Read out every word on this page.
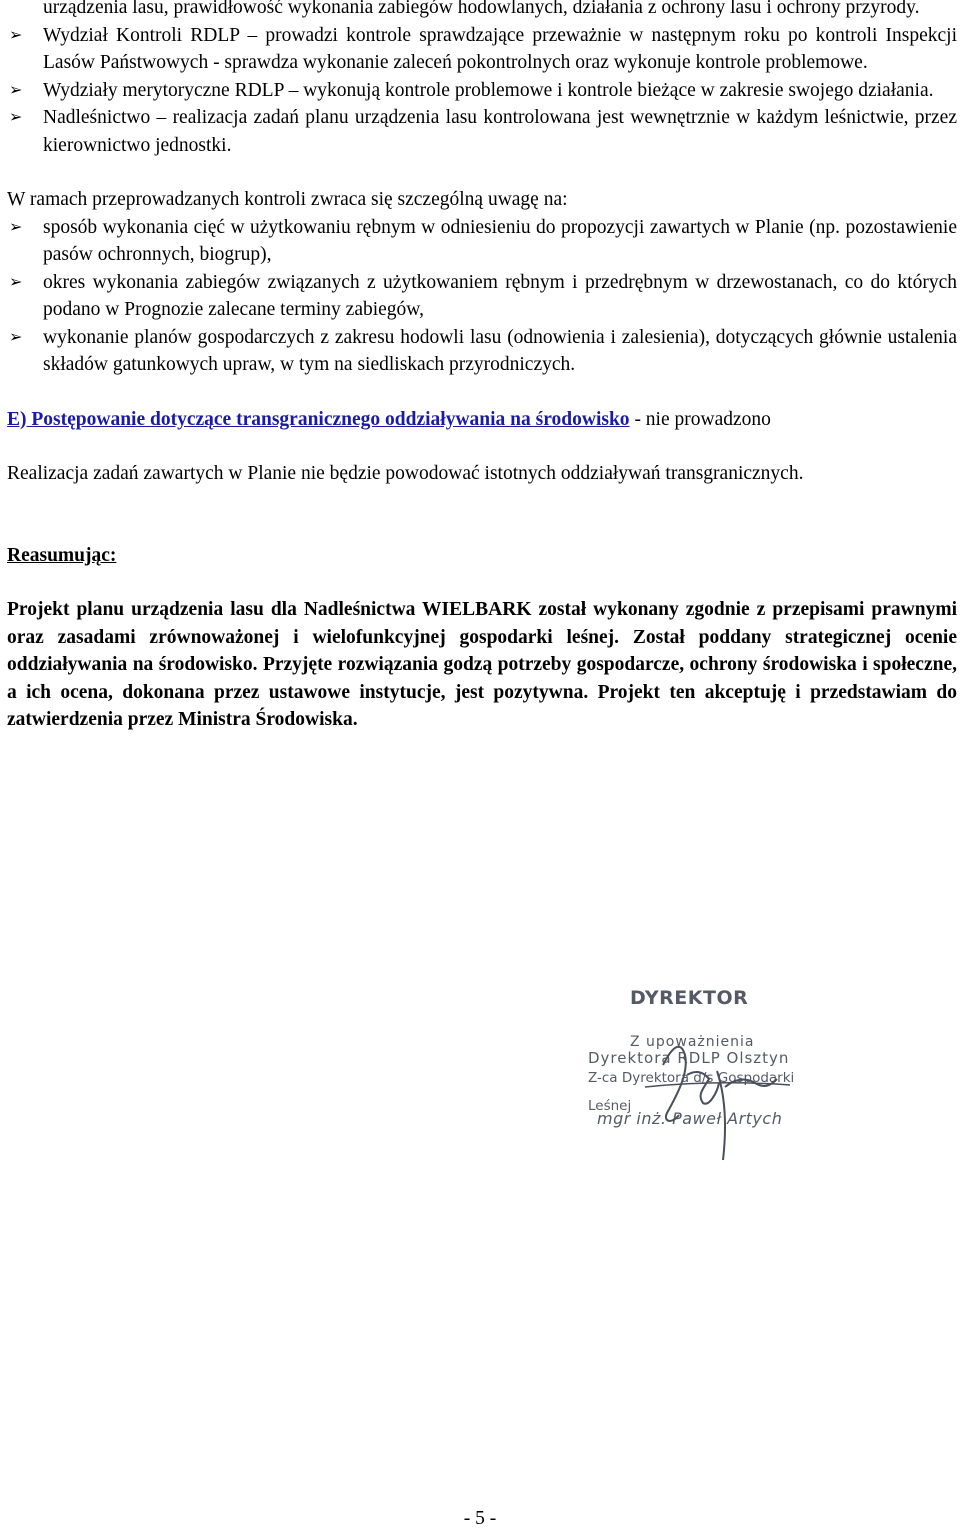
urządzenia lasu, prawidłowość wykonania zabiegów hodowlanych, działania z ochrony lasu i ochrony przyrody.

➢ Wydział Kontroli RDLP – prowadzi kontrole sprawdzające przeważnie w następnym roku po kontroli Inspekcji Lasów Państwowych - sprawdza wykonanie zaleceń pokontrolnych oraz wykonuje kontrole problemowe.
➢ Wydziały merytoryczne RDLP – wykonują kontrole problemowe i kontrole bieżące w zakresie swojego działania.
➢ Nadleśnictwo – realizacja zadań planu urządzenia lasu kontrolowana jest wewnętrznie w każdym leśnictwie, przez kierownictwo jednostki.

W ramach przeprowadzanych kontroli zwraca się szczególną uwagę na:

➢ sposób wykonania cięć w użytkowaniu rębnym w odniesieniu do propozycji zawartych w Planie (np. pozostawienie pasów ochronnych, biogrup),
➢ okres wykonania zabiegów związanych z użytkowaniem rębnym i przedrębnym w drzewostanach, co do których podano w Prognozie zalecane terminy zabiegów,
➢ wykonanie planów gospodarczych z zakresu hodowli lasu (odnowienia i zalesienia), dotyczących głównie ustalenia składów gatunkowych upraw, w tym na siedliskach przyrodniczych.

E) Postępowanie dotyczące transgranicznego oddziaływania na środowisko - nie prowadzono

Realizacja zadań zawartych w Planie nie będzie powodować istotnych oddziaływań transgranicznych.

Reasumując:

Projekt planu urządzenia lasu dla Nadleśnictwa WIELBARK został wykonany zgodnie z przepisami prawnymi oraz zasadami zrównoważonej i wielofunkcyjnej gospodarki leśnej. Został poddany strategicznej ocenie oddziaływania na środowisko. Przyjęte rozwiązania godzą potrzeby gospodarcze, ochrony środowiska i społeczne, a ich ocena, dokonana przez ustawowe instytucje, jest pozytywna. Projekt ten akceptuję i przedstawiam do zatwierdzenia przez Ministra Środowiska.

DYREKTOR
Z upoważnienia
Dyrektora RDLP Olsztyn
Z-ca Dyrektora d/s Gospodarki Leśnej
mgr inż. Paweł Artych
- 5 -
